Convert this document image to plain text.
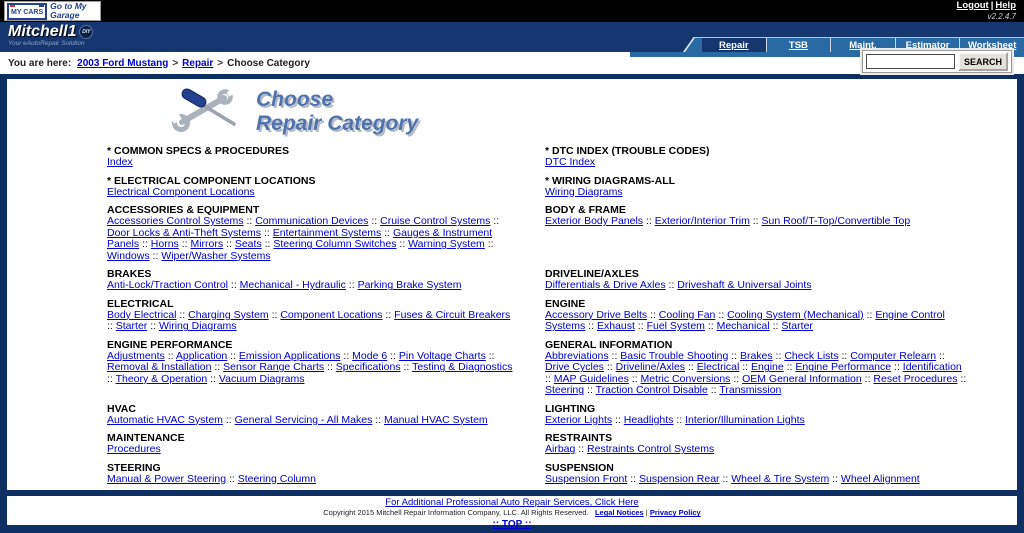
MY CARS
Go to My Garage
Logout | Help
v2.2.4.7
Mitchell1	DIY
Your eAutoRepair Solution	Repair	TSB	Maint.	Estimator	Worksheet
You are here: 2003 Ford Mustang > Repair > Choose Category	SEARCH
Choose
Repair Category
* COMMON SPECS & PROCEDURES
Index
* DTC INDEX (TROUBLE CODES)
DTC Index
* ELECTRICAL COMPONENT LOCATIONS
Electrical Component Locations
* WIRING DIAGRAMS-ALL
Wiring Diagrams
ACCESSORIES & EQUIPMENT
Accessories Control Systems :: Communication Devices :: Cruise Control Systems :: Door Locks & Anti-Theft Systems :: Entertainment Systems :: Gauges & Instrument Panels :: Horns :: Mirrors :: Seats :: Steering Column Switches :: Warning System :: Windows :: Wiper/Washer Systems
BODY & FRAME
Exterior Body Panels :: Exterior/Interior Trim :: Sun Roof/T-Top/Convertible Top
BRAKES
Anti-Lock/Traction Control :: Mechanical - Hydraulic :: Parking Brake System
DRIVELINE/AXLES
Differentials & Drive Axles :: Driveshaft & Universal Joints
ELECTRICAL
Body Electrical :: Charging System :: Component Locations :: Fuses & Circuit Breakers :: Starter :: Wiring Diagrams
ENGINE
Accessory Drive Belts :: Cooling Fan :: Cooling System (Mechanical) :: Engine Control Systems :: Exhaust :: Fuel System :: Mechanical :: Starter
ENGINE PERFORMANCE
Adjustments :: Application :: Emission Applications :: Mode 6 :: Pin Voltage Charts :: Removal & Installation :: Sensor Range Charts :: Specifications :: Testing & Diagnostics :: Theory & Operation :: Vacuum Diagrams
GENERAL INFORMATION
Abbreviations :: Basic Trouble Shooting :: Brakes :: Check Lists :: Computer Relearn :: Drive Cycles :: Driveline/Axles :: Electrical :: Engine :: Engine Performance :: Identification :: MAP Guidelines :: Metric Conversions :: OEM General Information :: Reset Procedures :: Steering :: Traction Control Disable :: Transmission
HVAC
Automatic HVAC System :: General Servicing - All Makes :: Manual HVAC System
LIGHTING
Exterior Lights :: Headlights :: Interior/Illumination Lights
MAINTENANCE
Procedures
RESTRAINTS
Airbag :: Restraints Control Systems
STEERING
Manual & Power Steering :: Steering Column
SUSPENSION
Suspension Front :: Suspension Rear :: Wheel & Tire System :: Wheel Alignment
For Additional Professional Auto Repair Services, Click Here
Copyright 2015 Mitchell Repair Information Company, LLC. All Rights Reserved. Legal Notices | Privacy Policy
:: TOP ::
